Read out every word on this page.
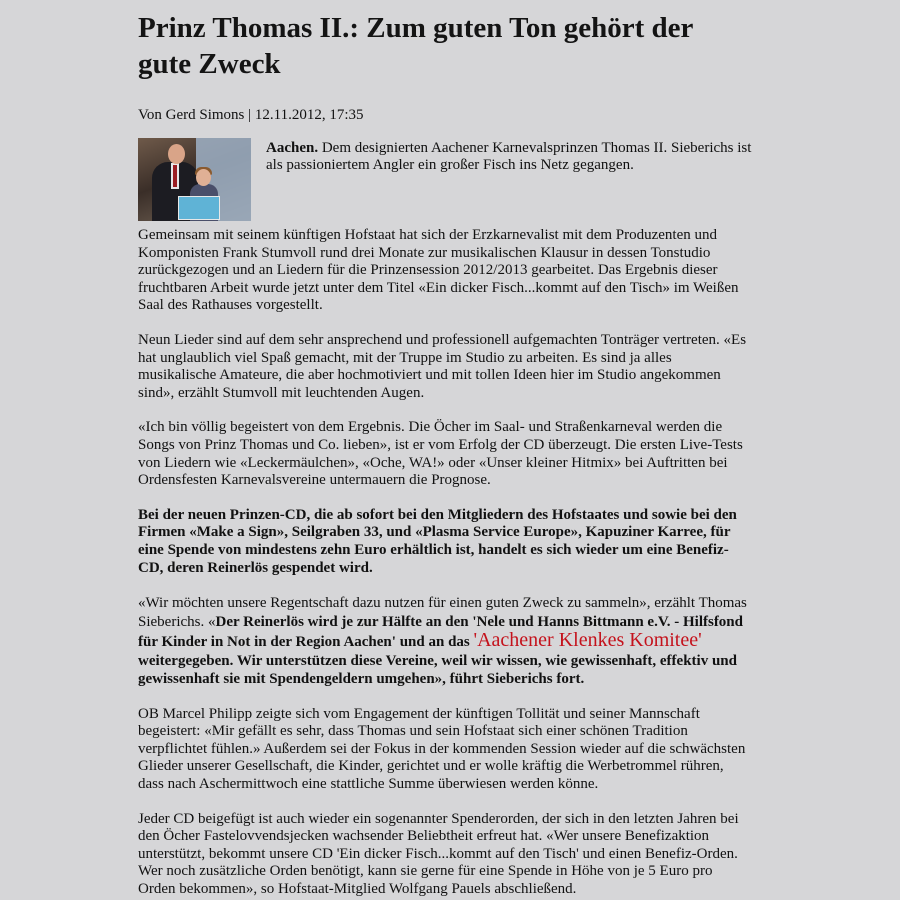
Prinz Thomas II.: Zum guten Ton gehört der gute Zweck
Von Gerd Simons | 12.11.2012, 17:35
Aachen. Dem designierten Aachener Karnevalsprinzen Thomas II. Sieberichs ist als passioniertem Angler ein großer Fisch ins Netz gegangen.

Gemeinsam mit seinem künftigen Hofstaat hat sich der Erzkarnevalist mit dem Produzenten und Komponisten Frank Stumvoll rund drei Monate zur musikalischen Klausur in dessen Tonstudio zurückgezogen und an Liedern für die Prinzensession 2012/2013 gearbeitet. Das Ergebnis dieser fruchtbaren Arbeit wurde jetzt unter dem Titel «Ein dicker Fisch...kommt auf den Tisch» im Weißen Saal des Rathauses vorgestellt.

Neun Lieder sind auf dem sehr ansprechend und professionell aufgemachten Tonträger vertreten. «Es hat unglaublich viel Spaß gemacht, mit der Truppe im Studio zu arbeiten. Es sind ja alles musikalische Amateure, die aber hochmotiviert und mit tollen Ideen hier im Studio angekommen sind», erzählt Stumvoll mit leuchtenden Augen.

«Ich bin völlig begeistert von dem Ergebnis. Die Öcher im Saal- und Straßenkarneval werden die Songs von Prinz Thomas und Co. lieben», ist er vom Erfolg der CD überzeugt. Die ersten Live-Tests von Liedern wie «Leckermäulchen», «Oche, WA!» oder «Unser kleiner Hitmix» bei Auftritten bei Ordensfesten Karnevalsvereine untermauern die Prognose.

Bei der neuen Prinzen-CD, die ab sofort bei den Mitgliedern des Hofstaates und sowie bei den Firmen «Make a Sign», Seilgraben 33, und «Plasma Service Europe», Kapuziner Karree, für eine Spende von mindestens zehn Euro erhältlich ist, handelt es sich wieder um eine Benefiz-CD, deren Reinerlös gespendet wird.

«Wir möchten unsere Regentschaft dazu nutzen für einen guten Zweck zu sammeln», erzählt Thomas Sieberichs. «Der Reinerlös wird je zur Hälfte an den 'Nele und Hanns Bittmann e.V. - Hilfsfond für Kinder in Not in der Region Aachen' und an das 'Aachener Klenkes Komitee' weitergegeben. Wir unterstützen diese Vereine, weil wir wissen, wie gewissenhaft, effektiv und gewissenhaft sie mit Spendengeldern umgehen», führt Sieberichs fort.

OB Marcel Philipp zeigte sich vom Engagement der künftigen Tollität und seiner Mannschaft begeistert: «Mir gefällt es sehr, dass Thomas und sein Hofstaat sich einer schönen Tradition verpflichtet fühlen.» Außerdem sei der Fokus in der kommenden Session wieder auf die schwächsten Glieder unserer Gesellschaft, die Kinder, gerichtet und er wolle kräftig die Werbetrommel rühren, dass nach Aschermittwoch eine stattliche Summe überwiesen werden könne.

Jeder CD beigefügt ist auch wieder ein sogenannter Spenderorden, der sich in den letzten Jahren bei den Öcher Fastelovvendsjecken wachsender Beliebtheit erfreut hat. «Wer unsere Benefizaktion unterstützt, bekommt unsere CD 'Ein dicker Fisch...kommt auf den Tisch' und einen Benefiz-Orden. Wer noch zusätzliche Orden benötigt, kann sie gerne für eine Spende in Höhe von je 5 Euro pro Orden bekommen», so Hofstaat-Mitglied Wolfgang Pauels abschließend.
